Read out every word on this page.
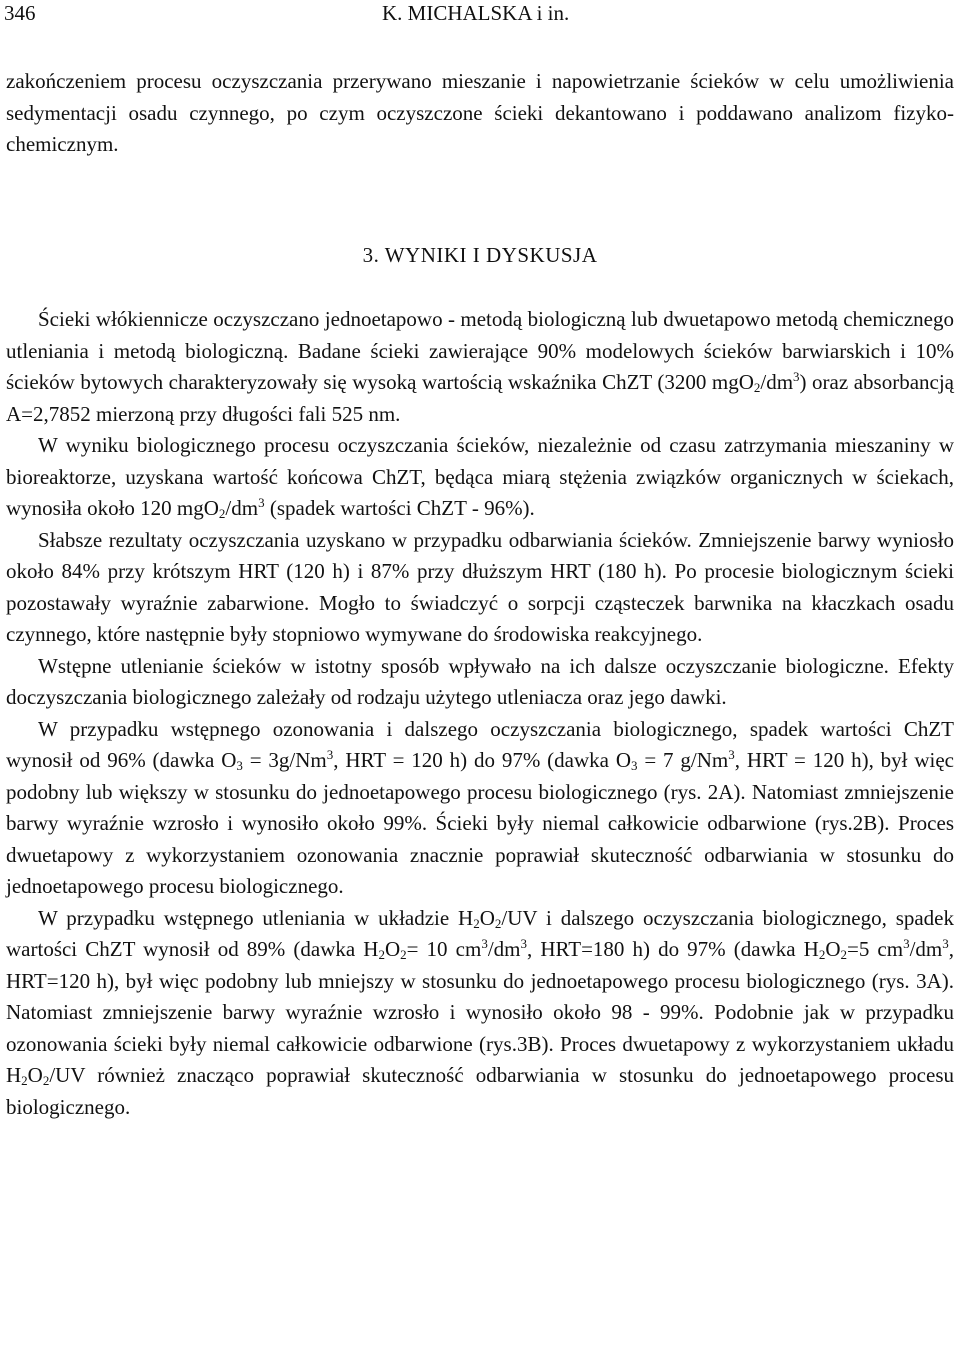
346	K. MICHALSKA i in.

zakończeniem procesu oczyszczania przerywano mieszanie i napowietrzanie ścieków w celu umożliwienia sedymentacji osadu czynnego, po czym oczyszczone ścieki dekantowano i poddawano analizom fizyko-chemicznym.

3. WYNIKI I DYSKUSJA

Ścieki włókiennicze oczyszczano jednoetapowo - metodą biologiczną lub dwuetapowo metodą chemicznego utleniania i metodą biologiczną. Badane ścieki zawierające 90% modelowych ścieków barwiarskich i 10% ścieków bytowych charakteryzowały się wysoką wartością wskaźnika ChZT (3200 $mgO_2/dm^3$) oraz absorbancją A=2,7852 mierzoną przy długości fali 525 nm.

W wyniku biologicznego procesu oczyszczania ścieków, niezależnie od czasu zatrzymania mieszaniny w bioreaktorze, uzyskana wartość końcowa ChZT, będąca miarą stężenia związków organicznych w ściekach, wynosiła około 120 $mgO_2/dm^3$ (spadek wartości ChZT - 96%).

Słabsze rezultaty oczyszczania uzyskano w przypadku odbarwiania ścieków. Zmniejszenie barwy wyniosło około 84% przy krótszym HRT (120 h) i 87% przy dłuższym HRT (180 h). Po procesie biologicznym ścieki pozostawały wyraźnie zabarwione. Mogło to świadczyć o sorpcji cząsteczek barwnika na kłaczkach osadu czynnego, które następnie były stopniowo wymywane do środowiska reakcyjnego.

Wstępne utlenianie ścieków w istotny sposób wpływało na ich dalsze oczyszczanie biologiczne. Efekty doczyszczania biologicznego zależały od rodzaju użytego utleniacza oraz jego dawki.

W przypadku wstępnego ozonowania i dalszego oczyszczania biologicznego, spadek wartości ChZT wynosił od 96% (dawka $O_3 = 3g/Nm^3$, HRT = 120 h) do 97% (dawka $O_3 = 7$ g/Nm$^3$, HRT = 120 h), był więc podobny lub większy w stosunku do jednoetapowego procesu biologicznego (rys. 2A). Natomiast zmniejszenie barwy wyraźnie wzrosło i wynosiło około 99%. Ścieki były niemal całkowicie odbarwione (rys.2B). Proces dwuetapowy z wykorzystaniem ozonowania znacznie poprawiał skuteczność odbarwiania w stosunku do jednoetapowego procesu biologicznego.

W przypadku wstępnego utleniania w układzie $H_2O_2/UV$ i dalszego oczyszczania biologicznego, spadek wartości ChZT wynosił od 89% (dawka $H_2O_2= 10$ $cm^3/dm^3$, HRT=180 h) do 97% (dawka $H_2O_2=5$ $cm^3/dm^3$, HRT=120 h), był więc podobny lub mniejszy w stosunku do jednoetapowego procesu biologicznego (rys. 3A). Natomiast zmniejszenie barwy wyraźnie wzrosło i wynosiło około 98 - 99%. Podobnie jak w przypadku ozonowania ścieki były niemal całkowicie odbarwione (rys.3B). Proces dwuetapowy z wykorzystaniem układu $H_2O_2/UV$ również znacząco poprawiał skuteczność odbarwiania w stosunku do jednoetapowego procesu biologicznego.
